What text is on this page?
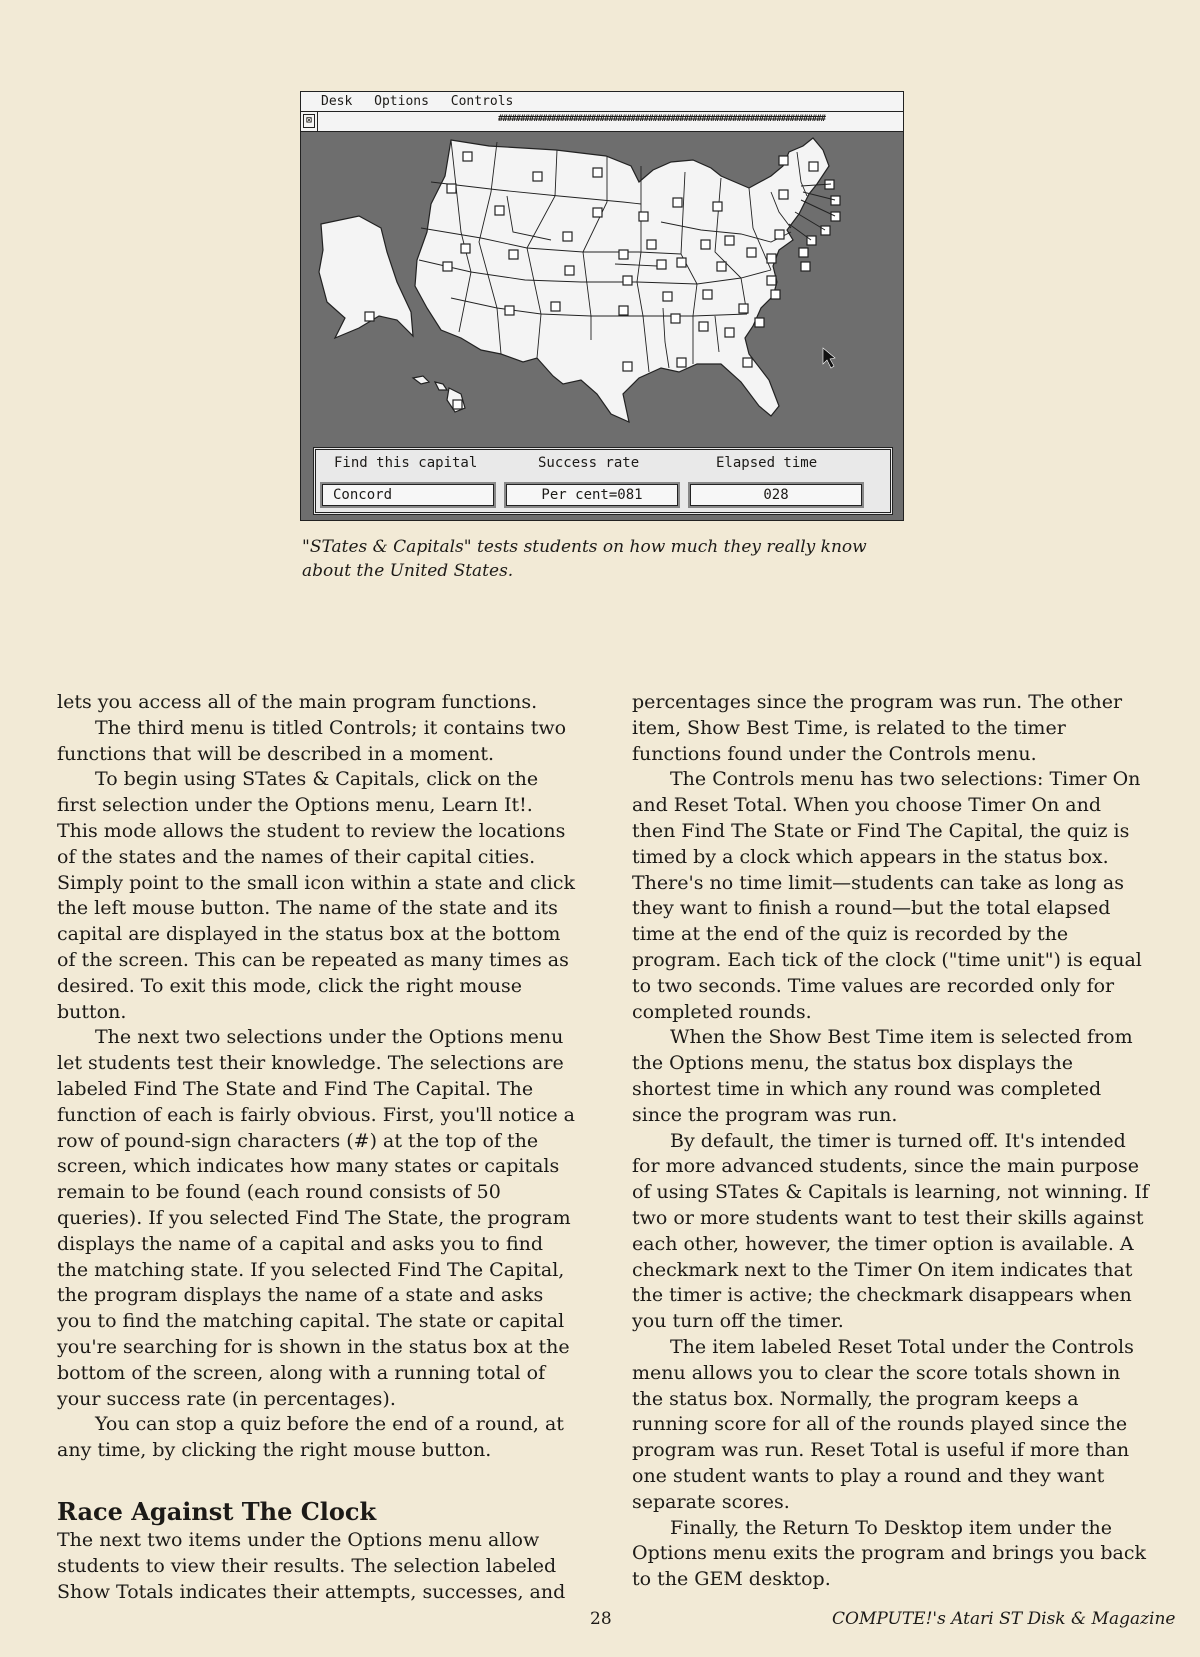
Desk Options Controls
⊠	##########################################################################
Find this capital	Success rate	Elapsed time
Concord	Per cent=081	028
"STates & Capitals" tests students on how much they really know about the United States.

lets you access all of the main program functions.

The third menu is titled Controls; it contains two functions that will be described in a moment.

To begin using STates & Capitals, click on the first selection under the Options menu, Learn It!. This mode allows the student to review the locations of the states and the names of their capital cities. Simply point to the small icon within a state and click the left mouse button. The name of the state and its capital are displayed in the status box at the bottom of the screen. This can be repeated as many times as desired. To exit this mode, click the right mouse button.

The next two selections under the Options menu let students test their knowledge. The selections are labeled Find The State and Find The Capital. The function of each is fairly obvious. First, you'll notice a row of pound-sign characters (#) at the top of the screen, which indicates how many states or capitals remain to be found (each round consists of 50 queries). If you selected Find The State, the program displays the name of a capital and asks you to find the matching state. If you selected Find The Capital, the program displays the name of a state and asks you to find the matching capital. The state or capital you're searching for is shown in the status box at the bottom of the screen, along with a running total of your success rate (in percentages).

You can stop a quiz before the end of a round, at any time, by clicking the right mouse button.

Race Against The Clock

The next two items under the Options menu allow students to view their results. The selection labeled Show Totals indicates their attempts, successes, and

percentages since the program was run. The other item, Show Best Time, is related to the timer functions found under the Controls menu.

The Controls menu has two selections: Timer On and Reset Total. When you choose Timer On and then Find The State or Find The Capital, the quiz is timed by a clock which appears in the status box. There's no time limit—students can take as long as they want to finish a round—but the total elapsed time at the end of the quiz is recorded by the program. Each tick of the clock ("time unit") is equal to two seconds. Time values are recorded only for completed rounds.

When the Show Best Time item is selected from the Options menu, the status box displays the shortest time in which any round was completed since the program was run.

By default, the timer is turned off. It's intended for more advanced students, since the main purpose of using STates & Capitals is learning, not winning. If two or more students want to test their skills against each other, however, the timer option is available. A checkmark next to the Timer On item indicates that the timer is active; the checkmark disappears when you turn off the timer.

The item labeled Reset Total under the Controls menu allows you to clear the score totals shown in the status box. Normally, the program keeps a running score for all of the rounds played since the program was run. Reset Total is useful if more than one student wants to play a round and they want separate scores.

Finally, the Return To Desktop item under the Options menu exits the program and brings you back to the GEM desktop.

28	COMPUTE!'s Atari ST Disk & Magazine
